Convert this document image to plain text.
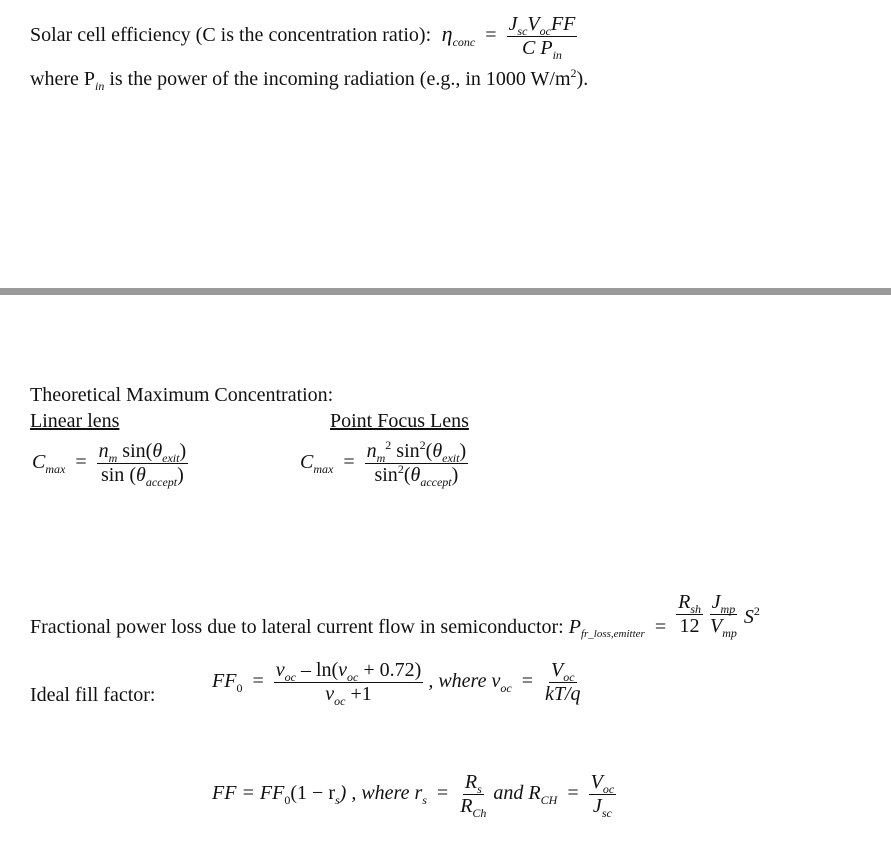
Solar cell efficiency (C is the concentration ratio):  $\eta_{conc} = \frac{J_{sc}V_{oc}FF}{C P_{in}}$
where $P_{in}$ is the power of the incoming radiation (e.g., in 1000 $W/m^2$).
Theoretical Maximum Concentration:
Linear lens	Point Focus Lens
$C_{max} = \frac{n_m \sin(\theta_{exit})}{\sin (\theta_{accept})}$	$C_{max} = \frac{n_m^2 \sin^2(\theta_{exit})}{\sin^2(\theta_{accept})}$
Fractional power loss due to lateral current flow in semiconductor: $P_{fr\_loss,emitter} = \frac{R_{sh}}{12}$
$\frac{J_{mp}}{V_{mp}} S^2$
Ideal fill factor:
$FF_0 = \frac{v_{oc} - \ln(v_{oc} + 0.72)}{v_{oc} +1}$ , where $v_{oc} = \frac{V_{oc}}{kT/q}$
FF = $FF_0(1 - r_s)$ , where $r_s = \frac{R_s}{R_{Ch}}$ and $R_{CH} = \frac{V_{oc}}{J_{sc}}$
